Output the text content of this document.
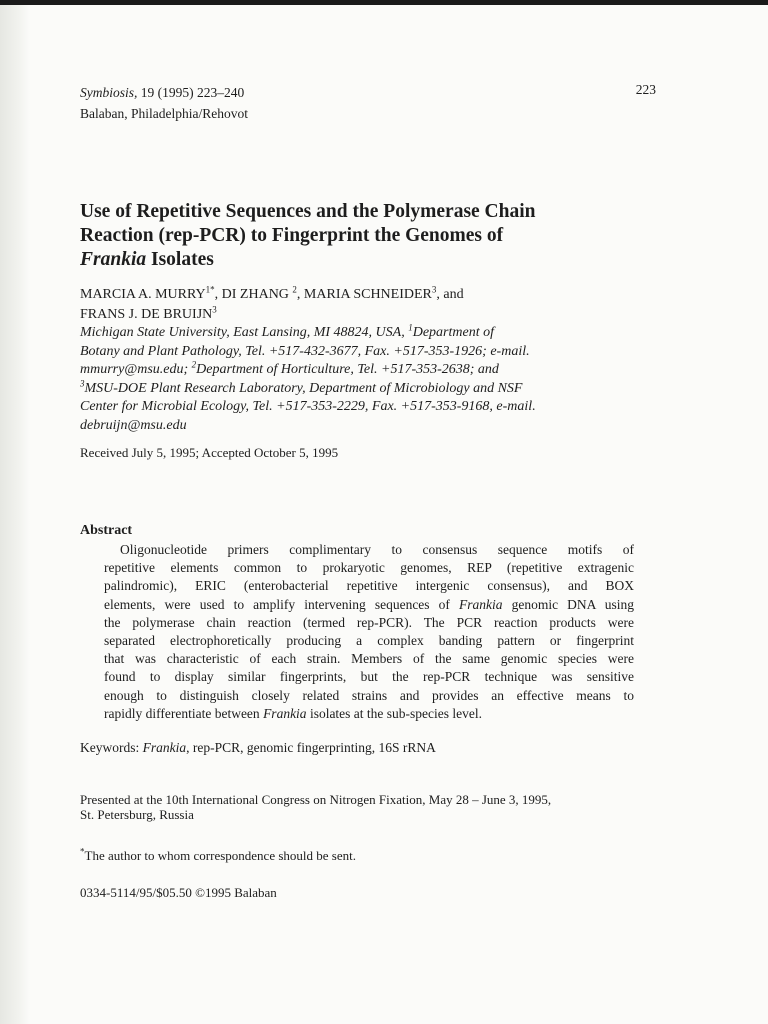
Symbiosis, 19 (1995) 223–240
Balaban, Philadelphia/Rehovot
223
Use of Repetitive Sequences and the Polymerase Chain
Reaction (rep-PCR) to Fingerprint the Genomes of
Frankia Isolates
MARCIA A. $MURRY^{1*}$, DI ZHANG $^2$, MARIA SCHNEIDER$^3$, and
FRANS J. DE BRUIJN$^3$
Michigan State University, East Lansing, MI 48824, USA, $^1$Department of
Botany and Plant Pathology, Tel. +517-432-3677, Fax. +517-353-1926; e-mail.
mmurry@msu.edu; $^2$Department of Horticulture, Tel. +517-353-2638; and
$^3$MSU-DOE Plant Research Laboratory, Department of Microbiology and NSF
Center for Microbial Ecology, Tel. +517-353-2229, Fax. +517-353-9168, e-mail.
debruijn@msu.edu
Received July 5, 1995; Accepted October 5, 1995
Abstract
Oligonucleotide primers complimentary to consensus sequence motifs of
repetitive elements common to prokaryotic genomes, REP (repetitive extragenic
palindromic), ERIC (enterobacterial repetitive intergenic consensus), and BOX
elements, were used to amplify intervening sequences of Frankia genomic DNA using
the polymerase chain reaction (termed rep-PCR). The PCR reaction products were
separated electrophoretically producing a complex banding pattern or fingerprint
that was characteristic of each strain. Members of the same genomic species were
found to display similar fingerprints, but the rep-PCR technique was sensitive
enough to distinguish closely related strains and provides an effective means to
rapidly differentiate between Frankia isolates at the sub-species level.
Keywords: Frankia, rep-PCR, genomic fingerprinting, 16S rRNA
Presented at the 10th International Congress on Nitrogen Fixation, May 28 – June 3, 1995,
St. Petersburg, Russia
*The author to whom correspondence should be sent.
0334-5114/95/$05.50 ©1995 Balaban
